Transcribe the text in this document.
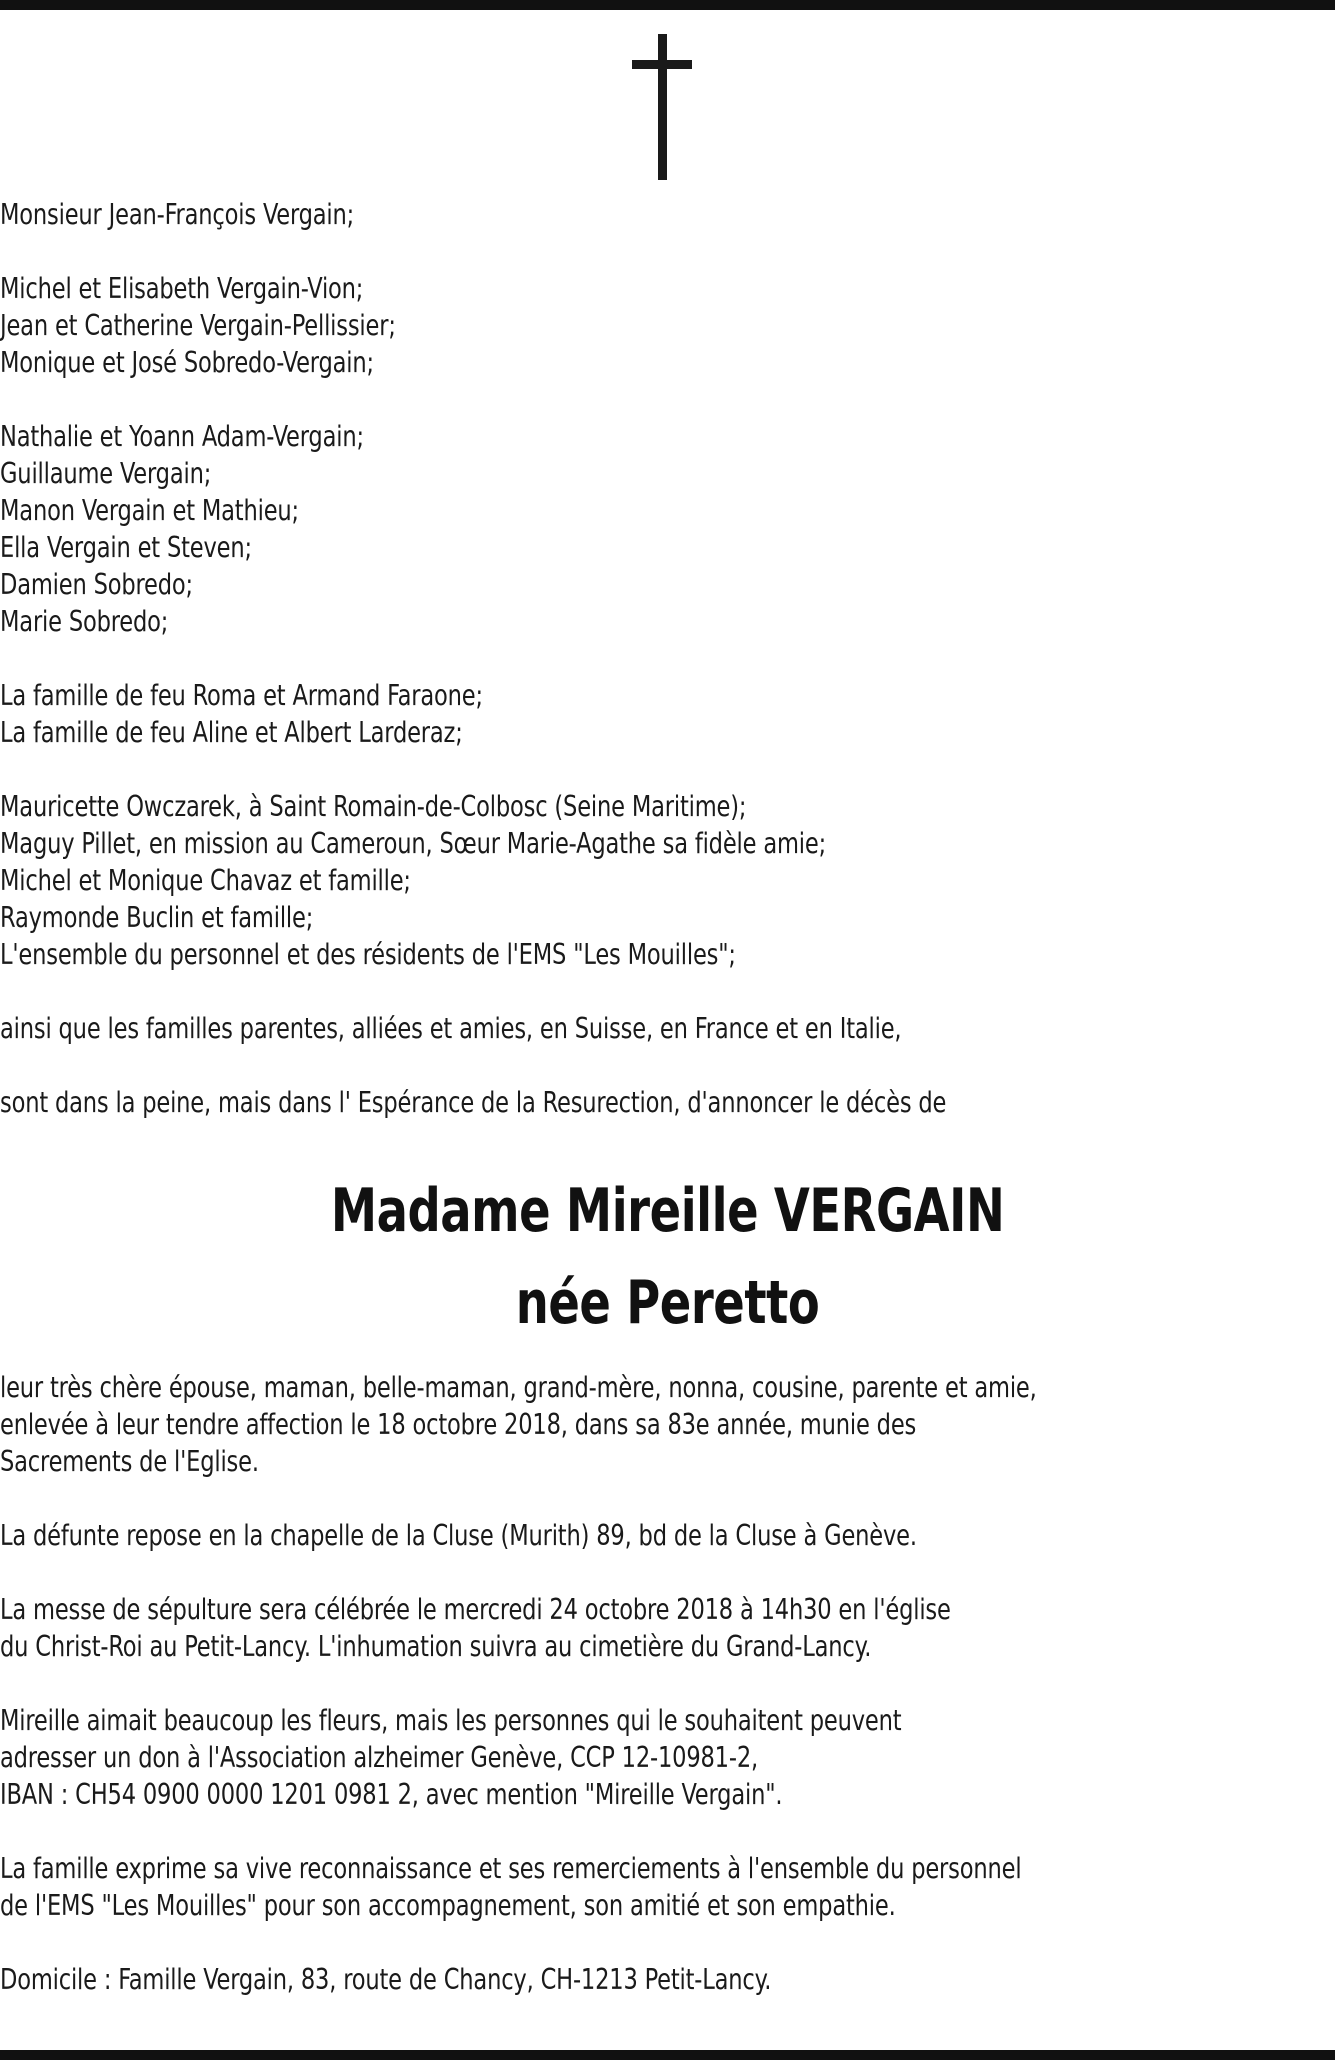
Monsieur Jean-François Vergain;
Michel et Elisabeth Vergain-Vion;
Jean et Catherine Vergain-Pellissier;
Monique et José Sobredo-Vergain;
Nathalie et Yoann Adam-Vergain;
Guillaume Vergain;
Manon Vergain et Mathieu;
Ella Vergain et Steven;
Damien Sobredo;
Marie Sobredo;
La famille de feu Roma et Armand Faraone;
La famille de feu Aline et Albert Larderaz;
Mauricette Owczarek, à Saint Romain-de-Colbosc (Seine Maritime);
Maguy Pillet, en mission au Cameroun, Sœur Marie-Agathe sa fidèle amie;
Michel et Monique Chavaz et famille;
Raymonde Buclin et famille;
L'ensemble du personnel et des résidents de l'EMS "Les Mouilles";
ainsi que les familles parentes, alliées et amies, en Suisse, en France et en Italie,
sont dans la peine, mais dans l' Espérance de la Resurection, d'annoncer le décès de
Madame Mireille VERGAIN
née Peretto
leur très chère épouse, maman, belle-maman, grand-mère, nonna, cousine, parente et amie,
enlevée à leur tendre affection le 18 octobre 2018, dans sa 83e année, munie des
Sacrements de l'Eglise.
La défunte repose en la chapelle de la Cluse (Murith) 89, bd de la Cluse à Genève.
La messe de sépulture sera célébrée le mercredi 24 octobre 2018 à 14h30 en l'église
du Christ-Roi au Petit-Lancy. L'inhumation suivra au cimetière du Grand-Lancy.
Mireille aimait beaucoup les fleurs, mais les personnes qui le souhaitent peuvent
adresser un don à l'Association alzheimer Genève, CCP 12-10981-2,
IBAN : CH54 0900 0000 1201 0981 2, avec mention "Mireille Vergain".
La famille exprime sa vive reconnaissance et ses remerciements à l'ensemble du personnel
de l'EMS "Les Mouilles" pour son accompagnement, son amitié et son empathie.
Domicile : Famille Vergain, 83, route de Chancy, CH-1213 Petit-Lancy.
